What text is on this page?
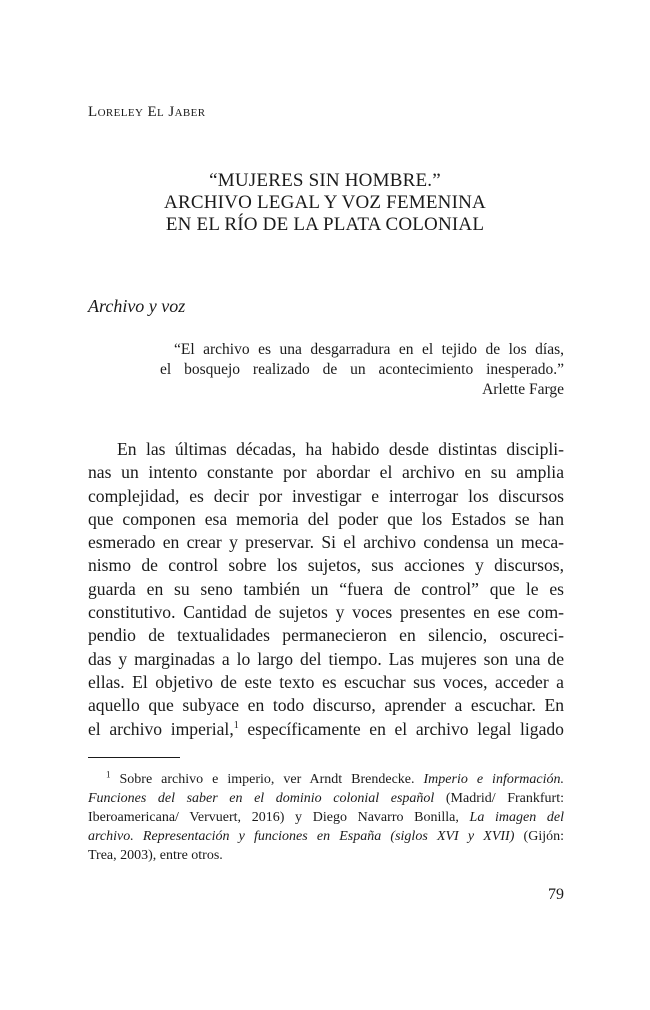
Loreley El Jaber
“MUJERES SIN HOMBRE.”
ARCHIVO LEGAL Y VOZ FEMENINA
EN EL RÍO DE LA PLATA COLONIAL
Archivo y voz
“El archivo es una desgarradura en el tejido de los días,
el bosquejo realizado de un acontecimiento inesperado.”
Arlette Farge
En las últimas décadas, ha habido desde distintas discipli-
nas un intento constante por abordar el archivo en su amplia
complejidad, es decir por investigar e interrogar los discursos
que componen esa memoria del poder que los Estados se han
esmerado en crear y preservar. Si el archivo condensa un meca-
nismo de control sobre los sujetos, sus acciones y discursos,
guarda en su seno también un “fuera de control” que le es
constitutivo. Cantidad de sujetos y voces presentes en ese com-
pendio de textualidades permanecieron en silencio, oscureci-
das y marginadas a lo largo del tiempo. Las mujeres son una de
ellas. El objetivo de este texto es escuchar sus voces, acceder a
aquello que subyace en todo discurso, aprender a escuchar. En
el archivo imperial,$^1$ específicamente en el archivo legal ligado
$^1$ Sobre archivo e imperio, ver Arndt Brendecke. Imperio e información.
Funciones del saber en el dominio colonial español (Madrid/ Frankfurt:
Iberoamericana/ Vervuert, 2016) y Diego Navarro Bonilla, La imagen del
archivo. Representación y funciones en España (siglos XVI y XVII) (Gijón:
Trea, 2003), entre otros.
79
